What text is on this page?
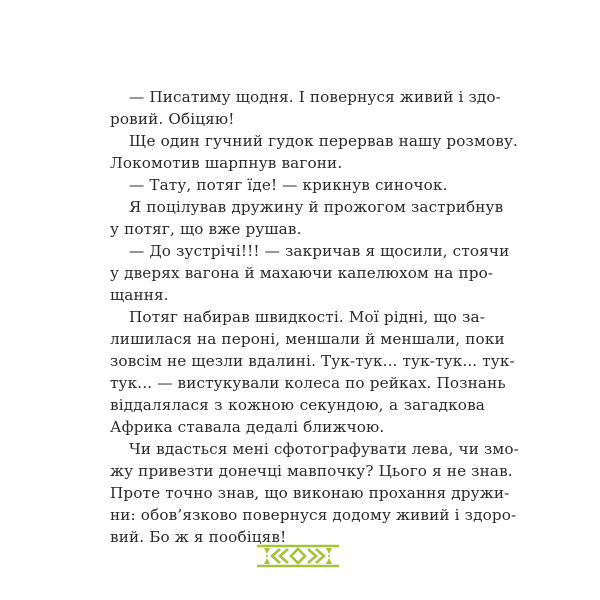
— Писатиму щодня. І повернуся живий і здо-
ровий. Обіцяю!
Ще один гучний гудок перервав нашу розмову.
Локомотив шарпнув вагони.
— Тату, потяг їде! — крикнув синочок.
Я поцілував дружину й прожогом застрибнув
у потяг, що вже рушав.
— До зустрічі!!! — закричав я щосили, стоячи
у дверях вагона й махаючи капелюхом на про-
щання.
Потяг набирав швидкості. Мої рідні, що за-
лишилася на пероні, меншали й меншали, поки
зовсім не щезли вдалині. Тук-тук... тук-тук... тук-
тук... — вистукували колеса по рейках. Познань
віддалялася з кожною секундою, а загадкова
Африка ставала дедалі ближчою.
Чи вдасться мені сфотографувати лева, чи змо-
жу привезти донечці мавпочку? Цього я не знав.
Проте точно знав, що виконаю прохання дружи-
ни: обов’язково повернуся додому живий і здоро-
вий. Бо ж я пообіцяв!
